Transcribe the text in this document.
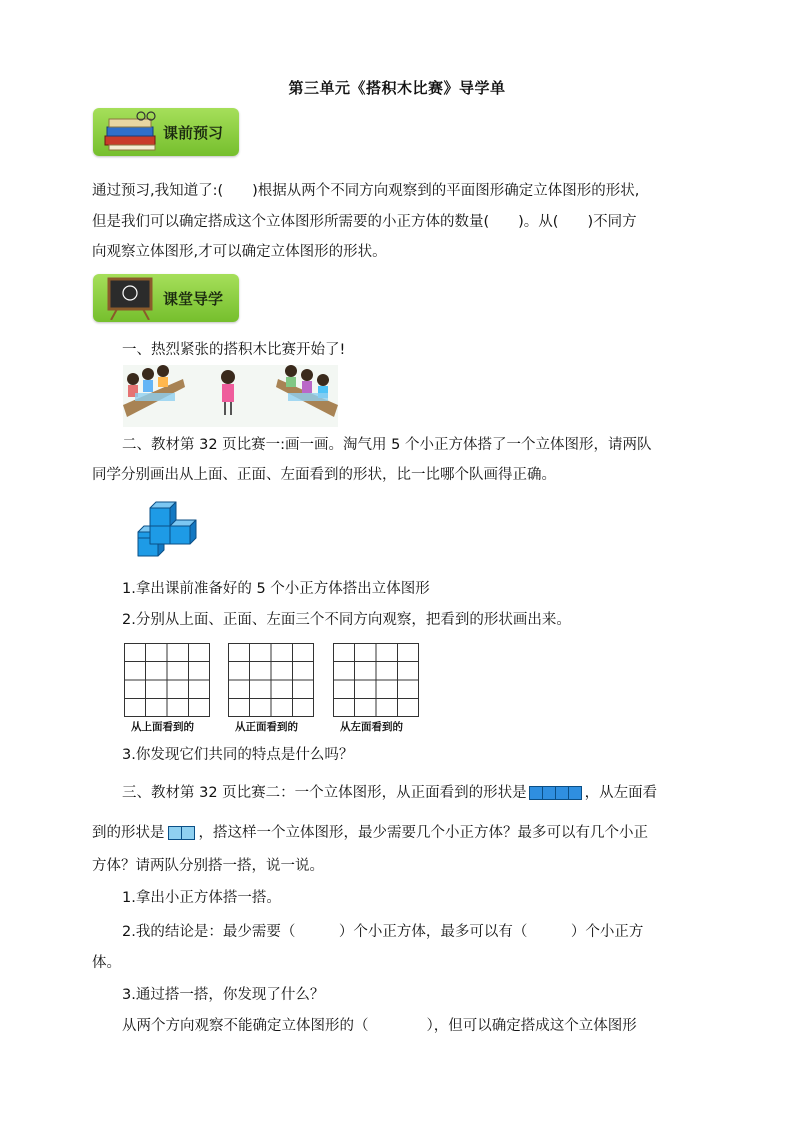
第三单元《搭积木比赛》导学单
课前预习
通过预习,我知道了:(　　)根据从两个不同方向观察到的平面图形确定立体图形的形状,
但是我们可以确定搭成这个立体图形所需要的小正方体的数量(　　)。从(　　)不同方
向观察立体图形,才可以确定立体图形的形状。
课堂导学
一、热烈紧张的搭积木比赛开始了!
二、教材第 32 页比赛一:画一画。淘气用 5 个小正方体搭了一个立体图形，请两队
同学分别画出从上面、正面、左面看到的形状，比一比哪个队画得正确。
1.拿出课前准备好的 5 个小正方体搭出立体图形
2.分别从上面、正面、左面三个不同方向观察，把看到的形状画出来。
从上面看到的	从正面看到的	从左面看到的
3.你发现它们共同的特点是什么吗？
三、教材第 32 页比赛二：一个立体图形，从正面看到的形状是	，从左面看
到的形状是 ，搭这样一个立体图形，最少需要几个小正方体？最多可以有几个小正
方体？请两队分别搭一搭，说一说。
1.拿出小正方体搭一搭。
2.我的结论是：最少需要（　　　）个小正方体，最多可以有（　　　）个小正方
体。
3.通过搭一搭，你发现了什么？
从两个方向观察不能确定立体图形的（　　　　），但可以确定搭成这个立体图形
